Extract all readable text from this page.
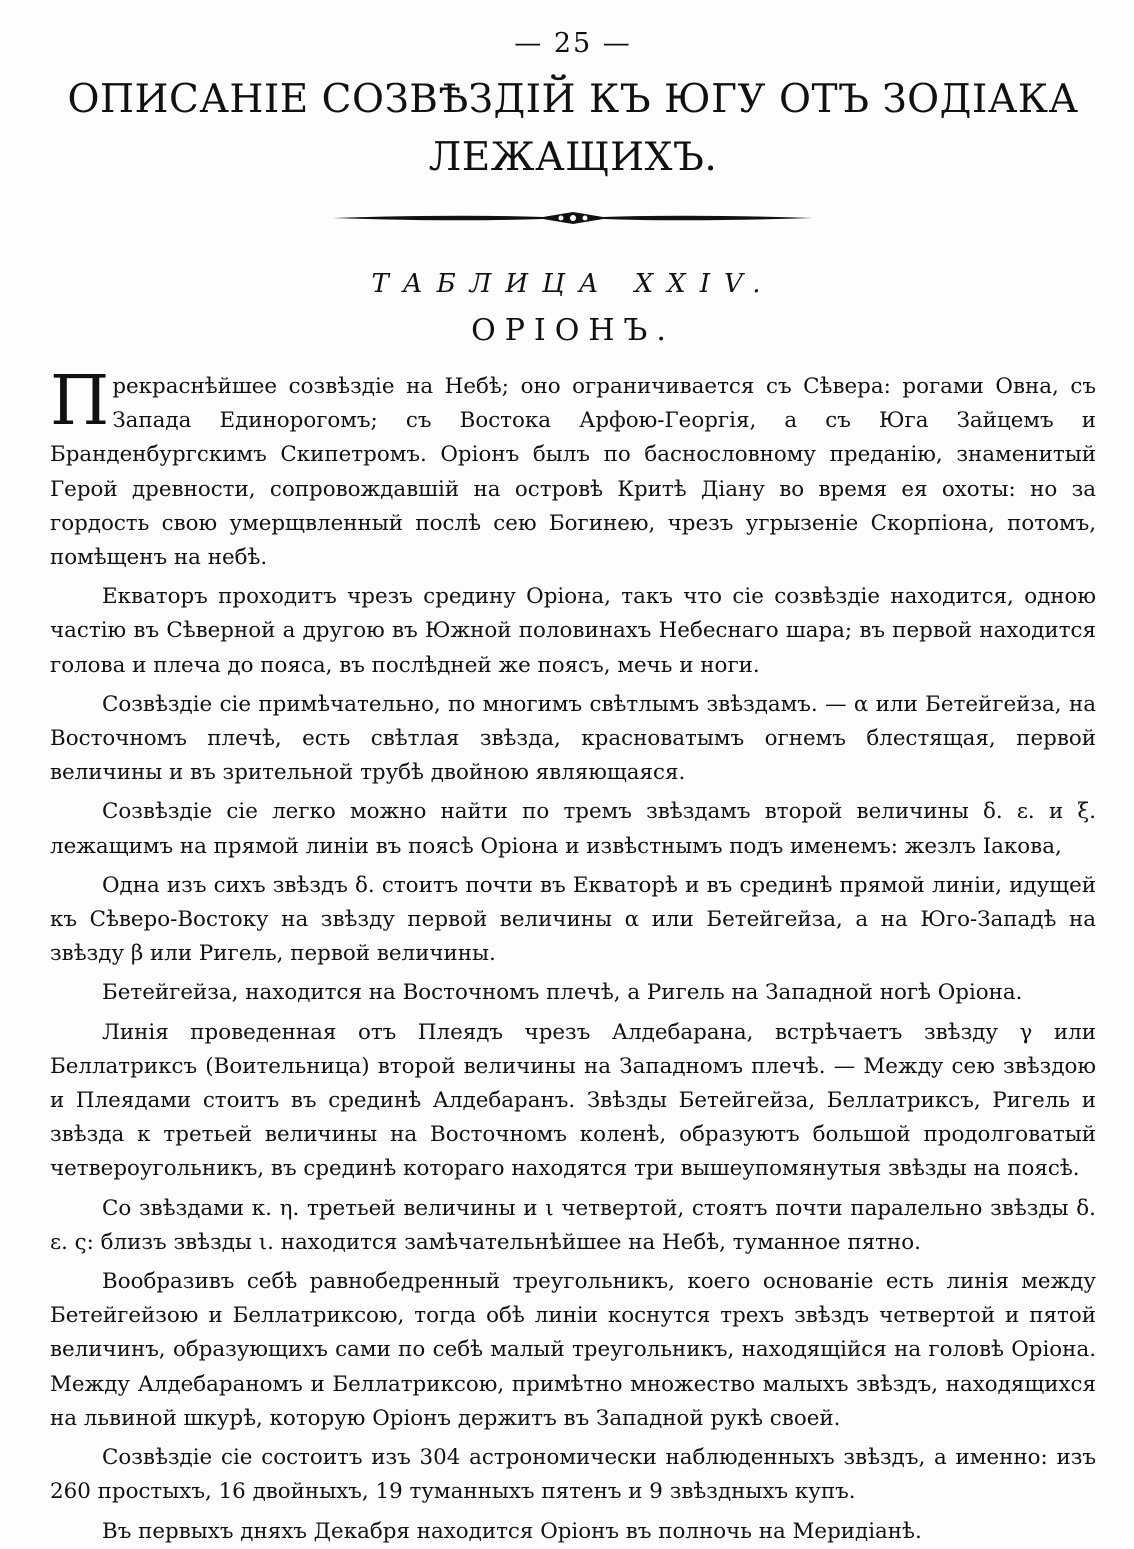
— 25 —
ОПИСАНІЕ СОЗВѢЗДІЙ КЪ ЮГУ ОТЪ ЗОДІАКА
ЛЕЖАЩИХЪ.
ТАБЛИЦА XXIV.
ОРІОНЪ.

Прекраснѣйшее созвѣздіе на Небѣ; оно ограничивается съ Сѣвера: рогами Овна, съ Запада Единорогомъ; съ Востока Арфою-Георгія, а съ Юга Зайцемъ и Бранденбургскимъ Скипетромъ. Оріонъ былъ по баснословному преданію, знаменитый Герой древности, сопровождавшій на островѣ Критѣ Діану во время ея охоты: но за гордость свою умерщвленный послѣ сею Богинею, чрезъ угрызеніе Скорпіона, потомъ, помѣщенъ на небѣ.

Екваторъ проходитъ чрезъ средину Оріона, такъ что сіе созвѣздіе находится, одною частію въ Сѣверной а другою въ Южной половинахъ Небеснаго шара; въ первой находится голова и плеча до пояса, въ послѣдней же поясъ, мечь и ноги.

Созвѣздіе сіе примѣчательно, по многимъ свѣтлымъ звѣздамъ. — α или Бетейгейза, на Восточномъ плечѣ, есть свѣтлая звѣзда, красноватымъ огнемъ блестящая, первой величины и въ зрительной трубѣ двойною являющаяся.

Созвѣздіе сіе легко можно найти по тремъ звѣздамъ второй величины δ. ε. и ξ. лежащимъ на прямой линіи въ поясѣ Оріона и извѣстнымъ подъ именемъ: жезлъ Іакова,

Одна изъ сихъ звѣздъ δ. стоитъ почти въ Екваторѣ и въ срединѣ прямой линіи, идущей къ Сѣверо-Востоку на звѣзду первой величины α или Бетейгейза, а на Юго-Западѣ на звѣзду β или Ригель, первой величины.

Бетейгейза, находится на Восточномъ плечѣ, а Ригель на Западной ногѣ Оріона.

Линія проведенная отъ Плеядъ чрезъ Алдебарана, встрѣчаетъ звѣзду γ или Беллатриксъ (Воительница) второй величины на Западномъ плечѣ. — Между сею звѣздою и Плеядами стоитъ въ срединѣ Алдебаранъ. Звѣзды Бетейгейза, Беллатриксъ, Ригель и звѣзда κ третьей величины на Восточномъ коленѣ, образуютъ большой продолговатый четвероугольникъ, въ срединѣ котораго находятся три вышеупомянутыя звѣзды на поясѣ.

Со звѣздами κ. η. третьей величины и ι четвертой, стоятъ почти паралельно звѣзды δ. ε. ς: близъ звѣзды ι. находится замѣчательнѣйшее на Небѣ, туманное пятно.

Вообразивъ себѣ равнобедренный треугольникъ, коего основаніе есть линія между Бетейгейзою и Беллатриксою, тогда обѣ линіи коснутся трехъ звѣздъ четвертой и пятой величинъ, образующихъ сами по себѣ малый треугольникъ, находящійся на головѣ Оріона. Между Алдебараномъ и Беллатриксою, примѣтно множество малыхъ звѣздъ, находящихся на львиной шкурѣ, которую Оріонъ держитъ въ Западной рукѣ своей.

Созвѣздіе сіе состоитъ изъ 304 астрономически наблюденныхъ звѣздъ, а именно: изъ 260 простыхъ, 16 двойныхъ, 19 туманныхъ пятенъ и 9 звѣздныхъ купъ.

Въ первыхъ дняхъ Декабря находится Оріонъ въ полночь на Меридіанѣ.
